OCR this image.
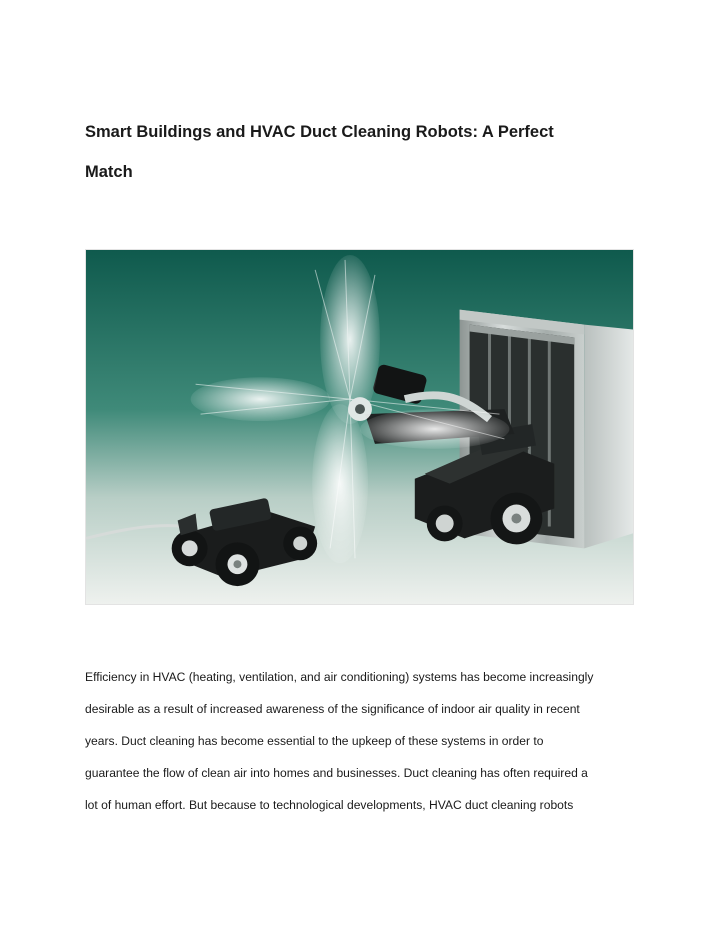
Smart Buildings and HVAC Duct Cleaning Robots: A Perfect
Match

Efficiency in HVAC (heating, ventilation, and air conditioning) systems has become increasingly
desirable as a result of increased awareness of the significance of indoor air quality in recent
years. Duct cleaning has become essential to the upkeep of these systems in order to
guarantee the flow of clean air into homes and businesses. Duct cleaning has often required a
lot of human effort. But because to technological developments, HVAC duct cleaning robots
